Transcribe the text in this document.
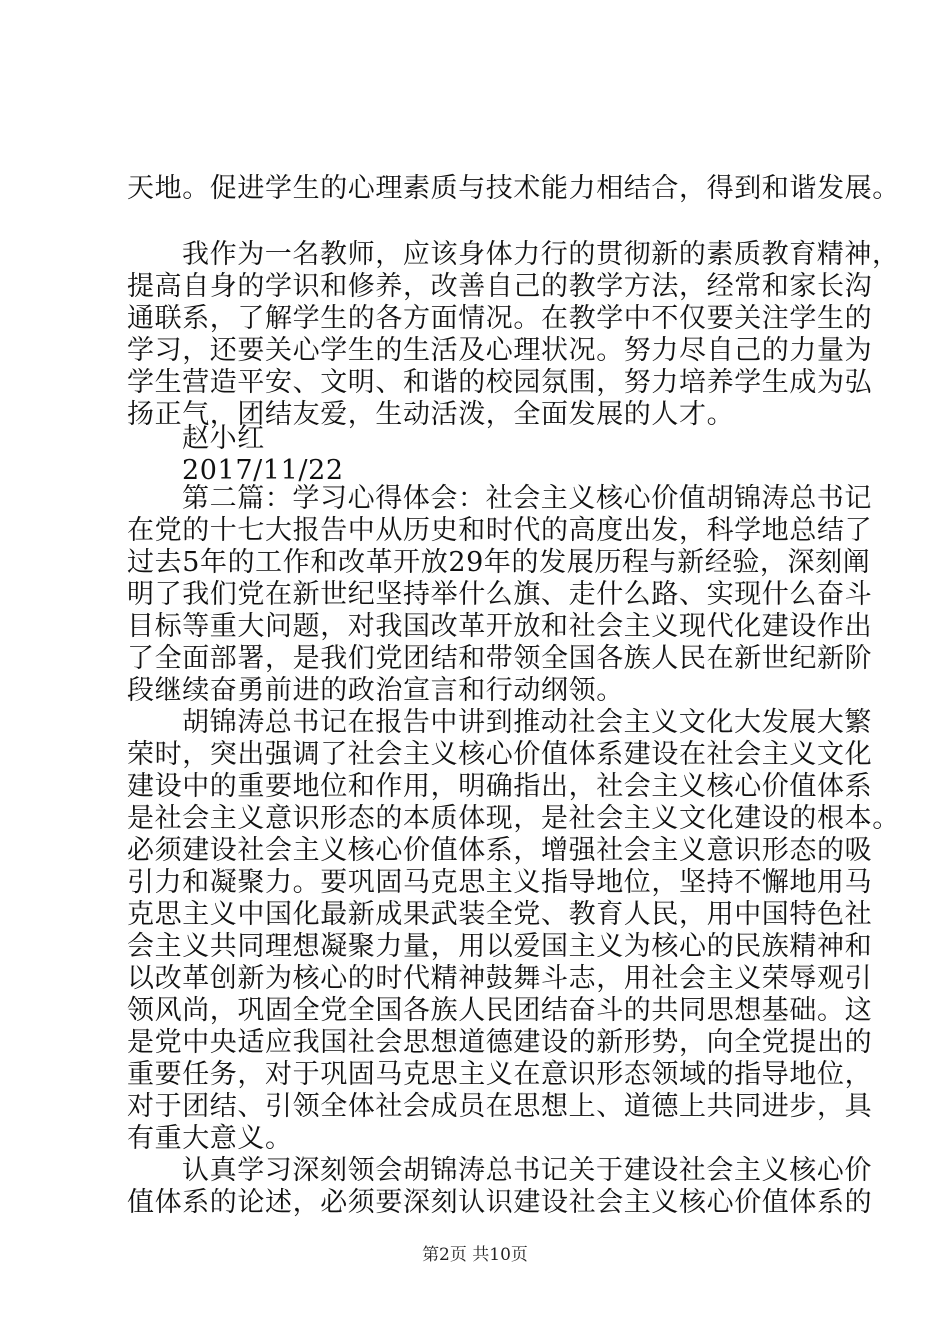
天地。促进学生的心理素质与技术能力相结合，得到和谐发展。
我作为一名教师，应该身体力行的贯彻新的素质教育精神，
提高自身的学识和修养，改善自己的教学方法，经常和家长沟
通联系，了解学生的各方面情况。在教学中不仅要关注学生的
学习，还要关心学生的生活及心理状况。努力尽自己的力量为
学生营造平安、文明、和谐的校园氛围，努力培养学生成为弘
扬正气，团结友爱，生动活泼，全面发展的人才。
赵小红
2017/11/22
第二篇：学习心得体会：社会主义核心价值胡锦涛总书记
在党的十七大报告中从历史和时代的高度出发，科学地总结了
过去5年的工作和改革开放29年的发展历程与新经验，深刻阐
明了我们党在新世纪坚持举什么旗、走什么路、实现什么奋斗
目标等重大问题，对我国改革开放和社会主义现代化建设作出
了全面部署，是我们党团结和带领全国各族人民在新世纪新阶
段继续奋勇前进的政治宣言和行动纲领。
胡锦涛总书记在报告中讲到推动社会主义文化大发展大繁
荣时，突出强调了社会主义核心价值体系建设在社会主义文化
建设中的重要地位和作用，明确指出，社会主义核心价值体系
是社会主义意识形态的本质体现，是社会主义文化建设的根本。
必须建设社会主义核心价值体系，增强社会主义意识形态的吸
引力和凝聚力。要巩固马克思主义指导地位，坚持不懈地用马
克思主义中国化最新成果武装全党、教育人民，用中国特色社
会主义共同理想凝聚力量，用以爱国主义为核心的民族精神和
以改革创新为核心的时代精神鼓舞斗志，用社会主义荣辱观引
领风尚，巩固全党全国各族人民团结奋斗的共同思想基础。这
是党中央适应我国社会思想道德建设的新形势，向全党提出的
重要任务，对于巩固马克思主义在意识形态领域的指导地位，
对于团结、引领全体社会成员在思想上、道德上共同进步，具
有重大意义。
认真学习深刻领会胡锦涛总书记关于建设社会主义核心价
值体系的论述，必须要深刻认识建设社会主义核心价值体系的
第2页 共10页
